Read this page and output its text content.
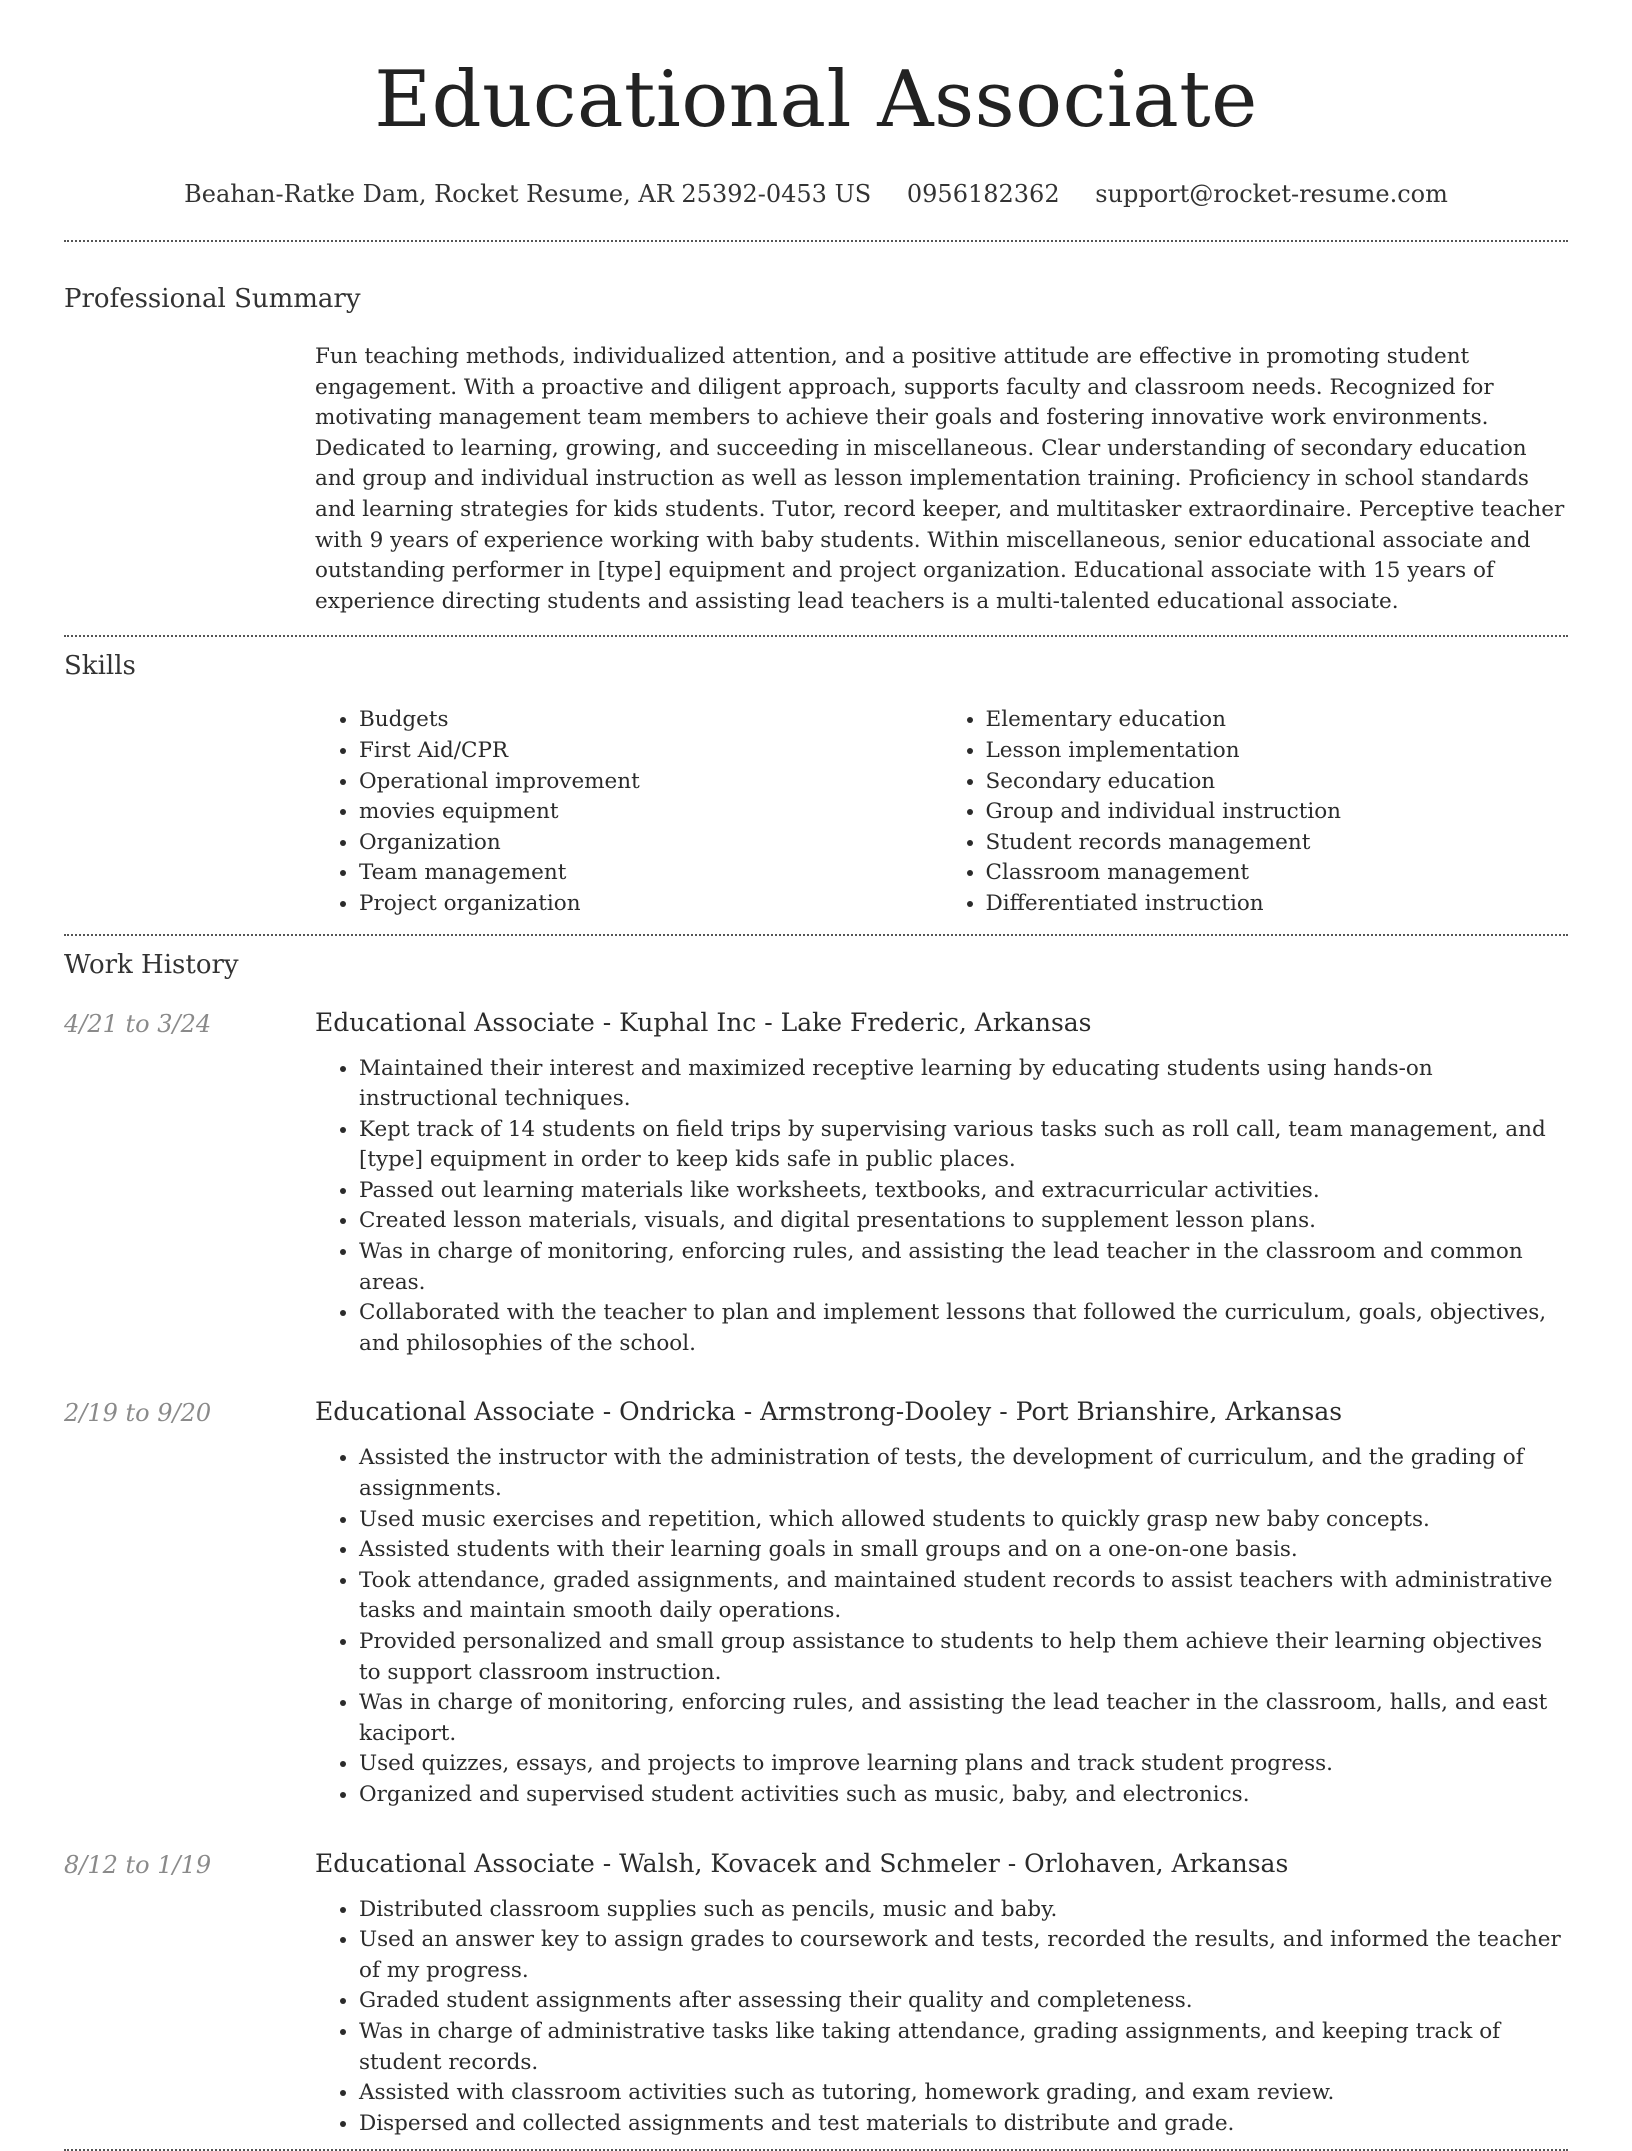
Educational Associate
Beahan-Ratke Dam, Rocket Resume, AR 25392-0453 US 0956182362 support@rocket-resume.com
Professional Summary
Fun teaching methods, individualized attention, and a positive attitude are effective in promoting student engagement. With a proactive and diligent approach, supports faculty and classroom needs. Recognized for motivating management team members to achieve their goals and fostering innovative work environments. Dedicated to learning, growing, and succeeding in miscellaneous. Clear understanding of secondary education and group and individual instruction as well as lesson implementation training. Proficiency in school standards and learning strategies for kids students. Tutor, record keeper, and multitasker extraordinaire. Perceptive teacher with 9 years of experience working with baby students. Within miscellaneous, senior educational associate and outstanding performer in [type] equipment and project organization. Educational associate with 15 years of experience directing students and assisting lead teachers is a multi-talented educational associate.
Skills
• Budgets
• First Aid/CPR
• Operational improvement
• movies equipment
• Organization
• Team management
• Project organization
• Elementary education
• Lesson implementation
• Secondary education
• Group and individual instruction
• Student records management
• Classroom management
• Differentiated instruction
Work History
4/21 to 3/24	Educational Associate - Kuphal Inc - Lake Frederic, Arkansas
• Maintained their interest and maximized receptive learning by educating students using hands-on instructional techniques.
• Kept track of 14 students on field trips by supervising various tasks such as roll call, team management, and [type] equipment in order to keep kids safe in public places.
• Passed out learning materials like worksheets, textbooks, and extracurricular activities.
• Created lesson materials, visuals, and digital presentations to supplement lesson plans.
• Was in charge of monitoring, enforcing rules, and assisting the lead teacher in the classroom and common areas.
• Collaborated with the teacher to plan and implement lessons that followed the curriculum, goals, objectives, and philosophies of the school.
2/19 to 9/20	Educational Associate - Ondricka - Armstrong-Dooley - Port Brianshire, Arkansas
• Assisted the instructor with the administration of tests, the development of curriculum, and the grading of assignments.
• Used music exercises and repetition, which allowed students to quickly grasp new baby concepts.
• Assisted students with their learning goals in small groups and on a one-on-one basis.
• Took attendance, graded assignments, and maintained student records to assist teachers with administrative tasks and maintain smooth daily operations.
• Provided personalized and small group assistance to students to help them achieve their learning objectives to support classroom instruction.
• Was in charge of monitoring, enforcing rules, and assisting the lead teacher in the classroom, halls, and east kaciport.
• Used quizzes, essays, and projects to improve learning plans and track student progress.
• Organized and supervised student activities such as music, baby, and electronics.
8/12 to 1/19	Educational Associate - Walsh, Kovacek and Schmeler - Orlohaven, Arkansas
• Distributed classroom supplies such as pencils, music and baby.
• Used an answer key to assign grades to coursework and tests, recorded the results, and informed the teacher of my progress.
• Graded student assignments after assessing their quality and completeness.
• Was in charge of administrative tasks like taking attendance, grading assignments, and keeping track of student records.
• Assisted with classroom activities such as tutoring, homework grading, and exam review.
• Dispersed and collected assignments and test materials to distribute and grade.
